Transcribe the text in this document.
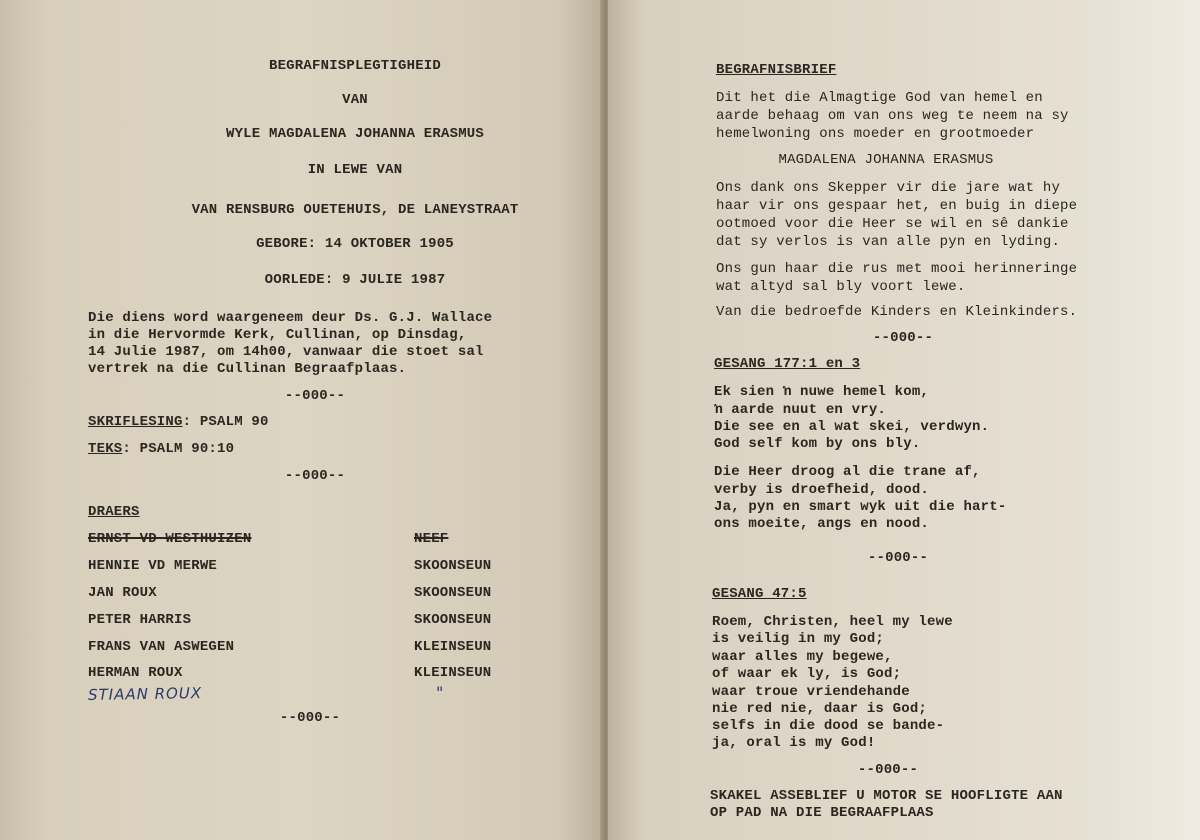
BEGRAFNISPLEGTIGHEID
VAN
WYLE MAGDALENA JOHANNA ERASMUS
IN LEWE VAN
VAN RENSBURG OUETEHUIS, DE LANEYSTRAAT
GEBORE: 14 OKTOBER 1905
OORLEDE: 9 JULIE 1987
Die diens word waargeneem deur Ds. G.J. Wallace
in die Hervormde Kerk, Cullinan, op Dinsdag,
14 Julie 1987, om 14h00, vanwaar die stoet sal
vertrek na die Cullinan Begraafplaas.
--000--
SKRIFLESING: PSALM 90
TEKS: PSALM 90:10
--000--
DRAERS
ERNST VD WESTHUIZEN	NEEF
HENNIE VD MERWE	SKOONSEUN
JAN ROUX	SKOONSEUN
PETER HARRIS	SKOONSEUN
FRANS VAN ASWEGEN	KLEINSEUN
HERMAN ROUX	KLEINSEUN
STIAAN ROUX	"
--000--
BEGRAFNISBRIEF
Dit het die Almagtige God van hemel en
aarde behaag om van ons weg te neem na sy
hemelwoning ons moeder en grootmoeder
MAGDALENA JOHANNA ERASMUS
Ons dank ons Skepper vir die jare wat hy
haar vir ons gespaar het, en buig in diepe
ootmoed voor die Heer se wil en sê dankie
dat sy verlos is van alle pyn en lyding.
Ons gun haar die rus met mooi herinneringe
wat altyd sal bly voort lewe.
Van die bedroefde Kinders en Kleinkinders.
--000--
GESANG 177:1 en 3
Ek sien ŉ nuwe hemel kom,
ŉ aarde nuut en vry.
Die see en al wat skei, verdwyn.
God self kom by ons bly.
Die Heer droog al die trane af,
verby is droefheid, dood.
Ja, pyn en smart wyk uit die hart-
ons moeite, angs en nood.
--000--
GESANG 47:5
Roem, Christen, heel my lewe
is veilig in my God;
waar alles my begewe,
of waar ek ly, is God;
waar troue vriendehande
nie red nie, daar is God;
selfs in die dood se bande-
ja, oral is my God!
--000--
SKAKEL ASSEBLIEF U MOTOR SE HOOFLIGTE AAN
OP PAD NA DIE BEGRAAFPLAAS
